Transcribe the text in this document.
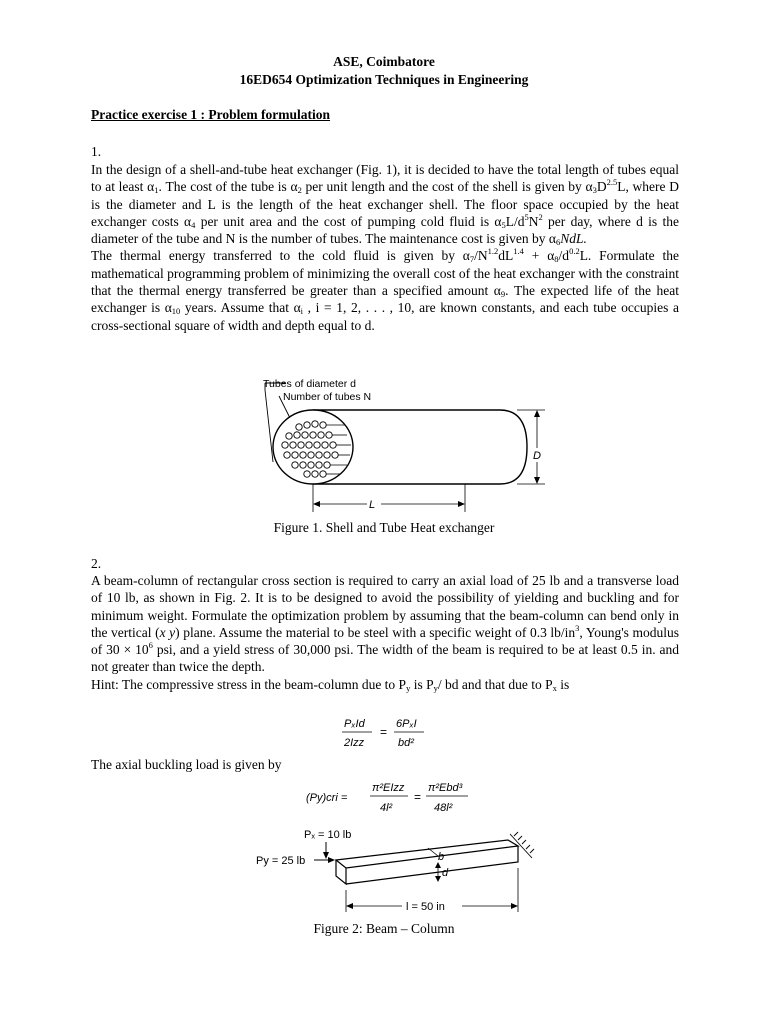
ASE, Coimbatore
16ED654 Optimization Techniques in Engineering
Practice exercise 1 : Problem formulation
1.
In the design of a shell-and-tube heat exchanger (Fig. 1), it is decided to have the total length of tubes equal to at least $\alpha_1$. The cost of the tube is $\alpha_2$ per unit length and the cost of the shell is given by $\alpha_3D^{2.5}L$, where D is the diameter and L is the length of the heat exchanger shell. The floor space occupied by the heat exchanger costs $\alpha_4$ per unit area and the cost of pumping cold fluid is $\alpha_5L/d^5N^2$ per day, where d is the diameter of the tube and N is the number of tubes. The maintenance cost is given by $\alpha_6NdL$.
The thermal energy transferred to the cold fluid is given by $\alpha_7/N^{1.2}dL^{1.4} + \alpha_8/d^{0.2}L$. Formulate the mathematical programming problem of minimizing the overall cost of the heat exchanger with the constraint that the thermal energy transferred be greater than a specified amount $\alpha_9$. The expected life of the heat exchanger is $\alpha_{10}$ years. Assume that $\alpha_i$ , i = 1, 2, . . . , 10, are known constants, and each tube occupies a cross-sectional square of width and depth equal to d.
Tubes of diameter d
Number of tubes N
D
L
Figure 1. Shell and Tube Heat exchanger
2.
A beam-column of rectangular cross section is required to carry an axial load of 25 lb and a transverse load of 10 lb, as shown in Fig. 2. It is to be designed to avoid the possibility of yielding and buckling and for minimum weight. Formulate the optimization problem by assuming that the beam-column can bend only in the vertical (x y) plane. Assume the material to be steel with a specific weight of 0.3 $lb/in^3$, Young's modulus of $30 \times 10^6$ psi, and a yield stress of 30,000 psi. The width of the beam is required to be at least 0.5 in. and not greater than twice the depth.
Hint: The compressive stress in the beam-column due to $P_y$ is $P_y/$ bd and that due to $P_x$ is
PₓId
2Izz
=
6PₓI
bd²
The axial buckling load is given by
(Py)cri =
π²EIzz
4l²
=
π²Ebd³
48l²
Pₓ = 10 lb
Py = 25 lb	b
d
l = 50 in
Figure 2: Beam – Column
